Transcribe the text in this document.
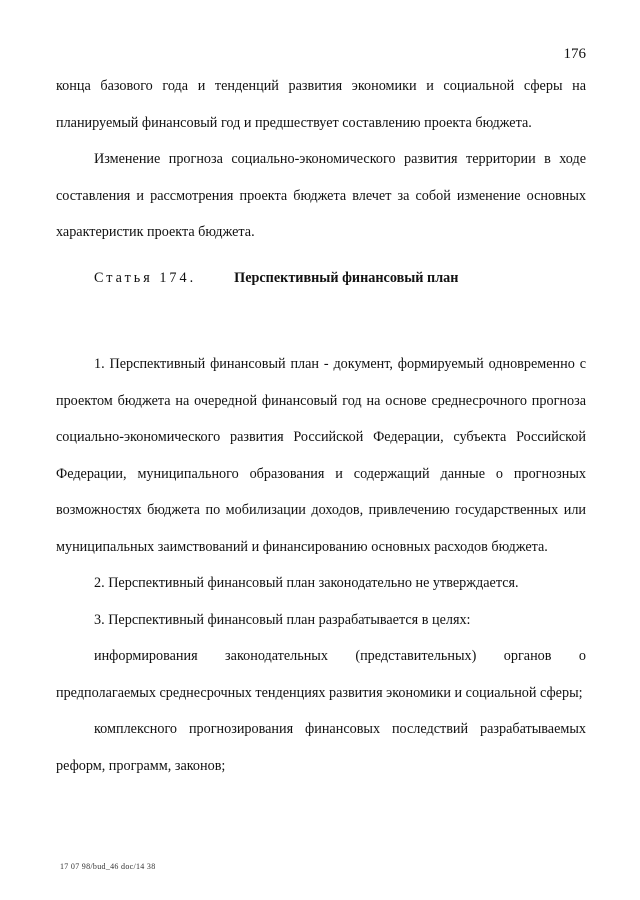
176

конца базового года и тенденций развития экономики и социальной сферы на планируемый финансовый год и предшествует составлению проекта бюджета.

Изменение прогноза социально-экономического развития территории в ходе составления и рассмотрения проекта бюджета влечет за собой изменение основных характеристик проекта бюджета.

Статья 174.	Перспективный финансовый план

1. Перспективный финансовый план - документ, формируемый одновременно с проектом бюджета на очередной финансовый год на основе среднесрочного прогноза социально-экономического развития Российской Федерации, субъекта Российской Федерации, муниципального образования и содержащий данные о прогнозных возможностях бюджета по мобилизации доходов, привлечению государственных или муниципальных заимствований и финансированию основных расходов бюджета.

2. Перспективный финансовый план законодательно не утверждается.

3. Перспективный финансовый план разрабатывается в целях:

информирования законодательных (представительных) органов о предполагаемых среднесрочных тенденциях развития экономики и социальной сферы;

комплексного прогнозирования финансовых последствий разрабатываемых реформ, программ, законов;

17 07 98/bud_46 doc/14 38
